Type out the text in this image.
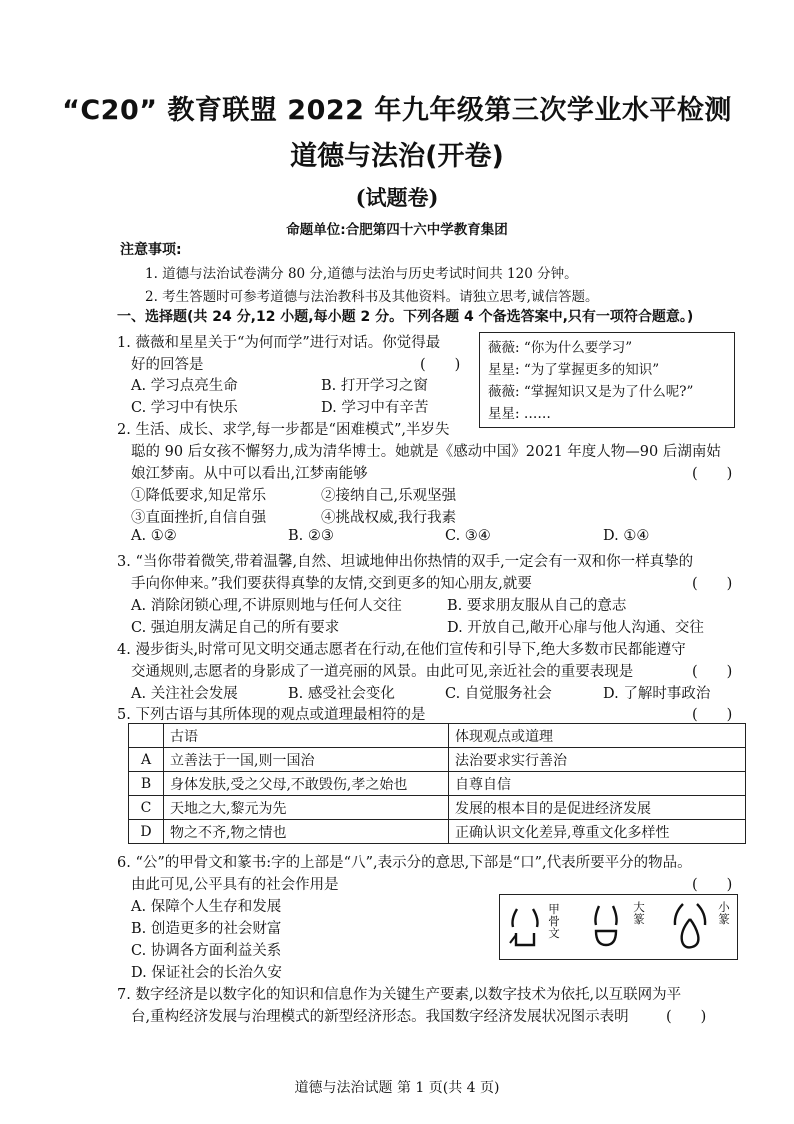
“C20” 教育联盟 2022 年九年级第三次学业水平检测
道德与法治(开卷)
(试题卷)
命题单位:合肥第四十六中学教育集团
注意事项:
1. 道德与法治试卷满分 80 分,道德与法治与历史考试时间共 120 分钟。
2. 考生答题时可参考道德与法治教科书及其他资料。请独立思考,诚信答题。
一、选择题(共 24 分,12 小题,每小题 2 分。下列各题 4 个备选答案中,只有一项符合题意。)
1. 薇薇和星星关于“为何而学”进行对话。你觉得最
好的回答是	(　　)
A. 学习点亮生命	B. 打开学习之窗
C. 学习中有快乐	D. 学习中有辛苦
薇薇: “你为什么要学习”
星星: “为了掌握更多的知识”
薇薇: “掌握知识又是为了什么呢?”
星星: ……
2. 生活、成长、求学,每一步都是“困难模式”,半岁失
聪的 90 后女孩不懈努力,成为清华博士。她就是《感动中国》2021 年度人物—90 后湖南姑
娘江梦南。从中可以看出,江梦南能够	(　　)
①降低要求,知足常乐	②接纳自己,乐观坚强
③直面挫折,自信自强	④挑战权威,我行我素
A. ①②	B. ②③	C. ③④	D. ①④
3. “当你带着微笑,带着温馨,自然、坦诚地伸出你热情的双手,一定会有一双和你一样真挚的
手向你伸来。”我们要获得真挚的友情,交到更多的知心朋友,就要	(　　)
A. 消除闭锁心理,不讲原则地与任何人交往	B. 要求朋友服从自己的意志
C. 强迫朋友满足自己的所有要求	D. 开放自己,敞开心扉与他人沟通、交往
4. 漫步街头,时常可见文明交通志愿者在行动,在他们宣传和引导下,绝大多数市民都能遵守
交通规则,志愿者的身影成了一道亮丽的风景。由此可见,亲近社会的重要表现是	(　　)
A. 关注社会发展	B. 感受社会变化	C. 自觉服务社会	D. 了解时事政治
5. 下列古语与其所体现的观点或道理最相符的是	(　　)
	古语	体现观点或道理
A	立善法于一国,则一国治	法治要求实行善治
B	身体发肤,受之父母,不敢毁伤,孝之始也	自尊自信
C	天地之大,黎元为先	发展的根本目的是促进经济发展
D	物之不齐,物之情也	正确认识文化差异,尊重文化多样性
6. “公”的甲骨文和篆书:字的上部是“八”,表示分的意思,下部是“口”,代表所要平分的物品。
由此可见,公平具有的社会作用是	(　　)
A. 保障个人生存和发展
B. 创造更多的社会财富
C. 协调各方面利益关系
D. 保证社会的长治久安
甲骨文
大篆
小篆
7. 数字经济是以数字化的知识和信息作为关键生产要素,以数字技术为依托,以互联网为平
台,重构经济发展与治理模式的新型经济形态。我国数字经济发展状况图示表明	(　　)
道德与法治试题 第 1 页(共 4 页)
